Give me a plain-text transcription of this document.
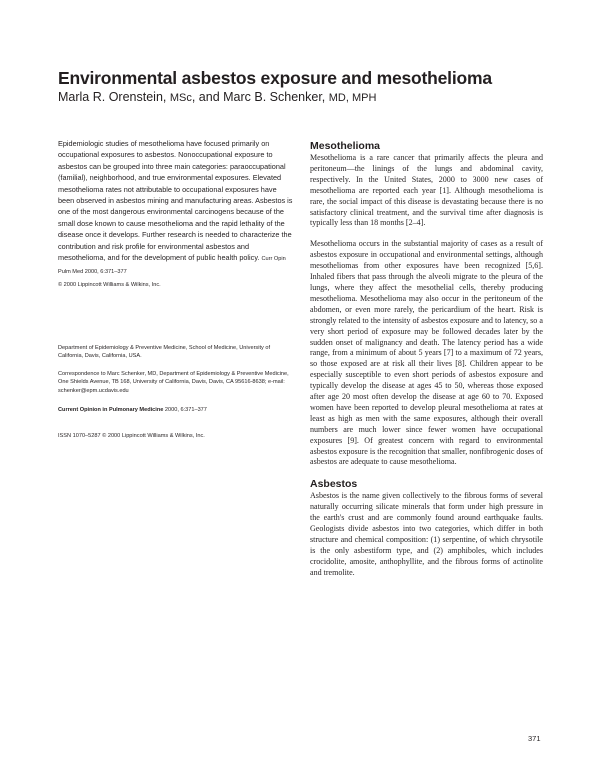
Environmental asbestos exposure and mesothelioma

Marla R. Orenstein, MSc, and Marc B. Schenker, MD, MPH

Epidemiologic studies of mesothelioma have focused primarily on occupational exposures to asbestos. Nonoccupational exposure to asbestos can be grouped into three main categories: paraoccupational (familial), neighborhood, and true environmental exposures. Elevated mesothelioma rates not attributable to occupational exposures have been observed in asbestos mining and manufacturing areas. Asbestos is one of the most dangerous environmental carcinogens because of the small dose known to cause mesothelioma and the rapid lethality of the disease once it develops. Further research is needed to characterize the contribution and risk profile for environmental asbestos and mesothelioma, and for the development of public health policy. Curr Opin Pulm Med 2000, 6:371–377

© 2000 Lippincott Williams & Wilkins, Inc.

Department of Epidemiology & Preventive Medicine, School of Medicine, University of California, Davis, California, USA.

Correspondence to Marc Schenker, MD, Department of Epidemiology & Preventive Medicine, One Shields Avenue, TB 168, University of California, Davis, Davis, CA 95616-8638; e-mail: schenker@epm.ucdavis.edu

Current Opinion in Pulmonary Medicine 2000, 6:371–377
ISSN 1070–5287 © 2000 Lippincott Williams & Wilkins, Inc.
Mesothelioma

Mesothelioma is a rare cancer that primarily affects the pleura and peritoneum—the linings of the lungs and abdominal cavity, respectively. In the United States, 2000 to 3000 new cases of mesothelioma are reported each year [1]. Although mesothelioma is rare, the social impact of this disease is devastating because there is no satisfactory clinical treatment, and the survival time after diagnosis is typically less than 18 months [2–4].

Mesothelioma occurs in the substantial majority of cases as a result of asbestos exposure in occupational and environmental settings, although mesotheliomas from other exposures have been recognized [5,6]. Inhaled fibers that pass through the alveoli migrate to the pleura of the lungs, where they affect the mesothelial cells, thereby producing mesothelioma. Mesothelioma may also occur in the peritoneum of the abdomen, or even more rarely, the pericardium of the heart. Risk is strongly related to the intensity of asbestos exposure and to latency, so a very short period of exposure may be followed decades later by the sudden onset of malignancy and death. The latency period has a wide range, from a minimum of about 5 years [7] to a maximum of 72 years, so those exposed are at risk all their lives [8]. Children appear to be especially susceptible to even short periods of asbestos exposure and typically develop the disease at ages 45 to 50, whereas those exposed after age 20 most often develop the disease at age 60 to 70. Exposed women have been reported to develop pleural mesothelioma at rates at least as high as men with the same exposures, although their overall numbers are much lower since fewer women have occupational exposures [9]. Of greatest concern with regard to environmental asbestos exposure is the recognition that smaller, nonfibrogenic doses of asbestos are adequate to cause mesothelioma.

Asbestos

Asbestos is the name given collectively to the fibrous forms of several naturally occurring silicate minerals that form under high pressure in the earth's crust and are commonly found around earthquake faults. Geologists divide asbestos into two categories, which differ in both structure and chemical composition: (1) serpentine, of which chrysotile is the only asbestiform type, and (2) amphiboles, which includes crocidolite, amosite, anthophyllite, and the fibrous forms of actinolite and tremolite.

371
